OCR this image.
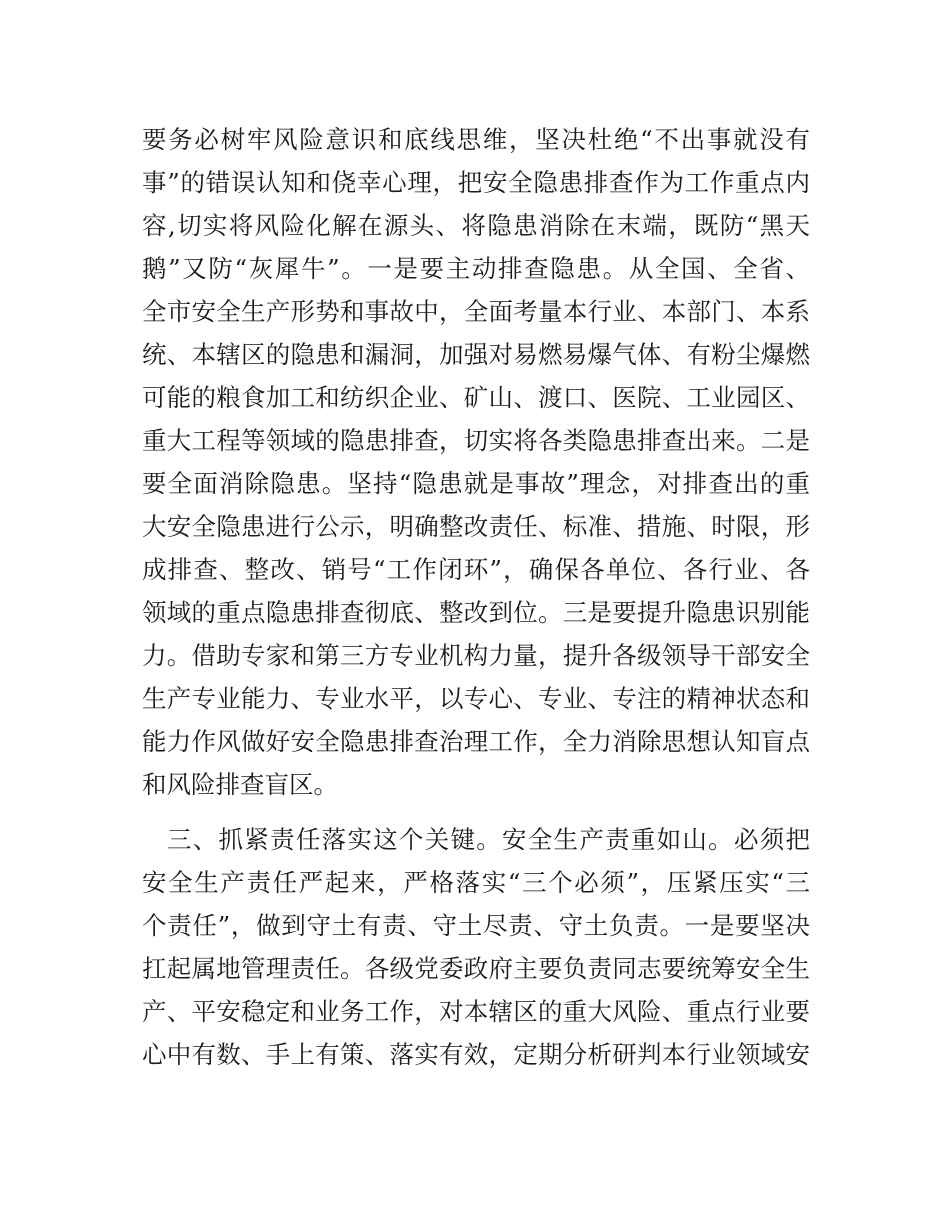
要务必树牢风险意识和底线思维，坚决杜绝“不出事就没有
事”的错误认知和侥幸心理，把安全隐患排查作为工作重点内
容,切实将风险化解在源头、将隐患消除在末端，既防“黑天
鹅”又防“灰犀牛”。一是要主动排查隐患。从全国、全省、
全市安全生产形势和事故中，全面考量本行业、本部门、本系
统、本辖区的隐患和漏洞，加强对易燃易爆气体、有粉尘爆燃
可能的粮食加工和纺织企业、矿山、渡口、医院、工业园区、
重大工程等领域的隐患排查，切实将各类隐患排查出来。二是
要全面消除隐患。坚持“隐患就是事故”理念，对排查出的重
大安全隐患进行公示，明确整改责任、标准、措施、时限，形
成排查、整改、销号“工作闭环”，确保各单位、各行业、各
领域的重点隐患排查彻底、整改到位。三是要提升隐患识别能
力。借助专家和第三方专业机构力量，提升各级领导干部安全
生产专业能力、专业水平，以专心、专业、专注的精神状态和
能力作风做好安全隐患排查治理工作，全力消除思想认知盲点
和风险排查盲区。
三、抓紧责任落实这个关键。安全生产责重如山。必须把
安全生产责任严起来，严格落实“三个必须”，压紧压实“三
个责任”，做到守土有责、守土尽责、守土负责。一是要坚决
扛起属地管理责任。各级党委政府主要负责同志要统筹安全生
产、平安稳定和业务工作，对本辖区的重大风险、重点行业要
心中有数、手上有策、落实有效，定期分析研判本行业领域安
